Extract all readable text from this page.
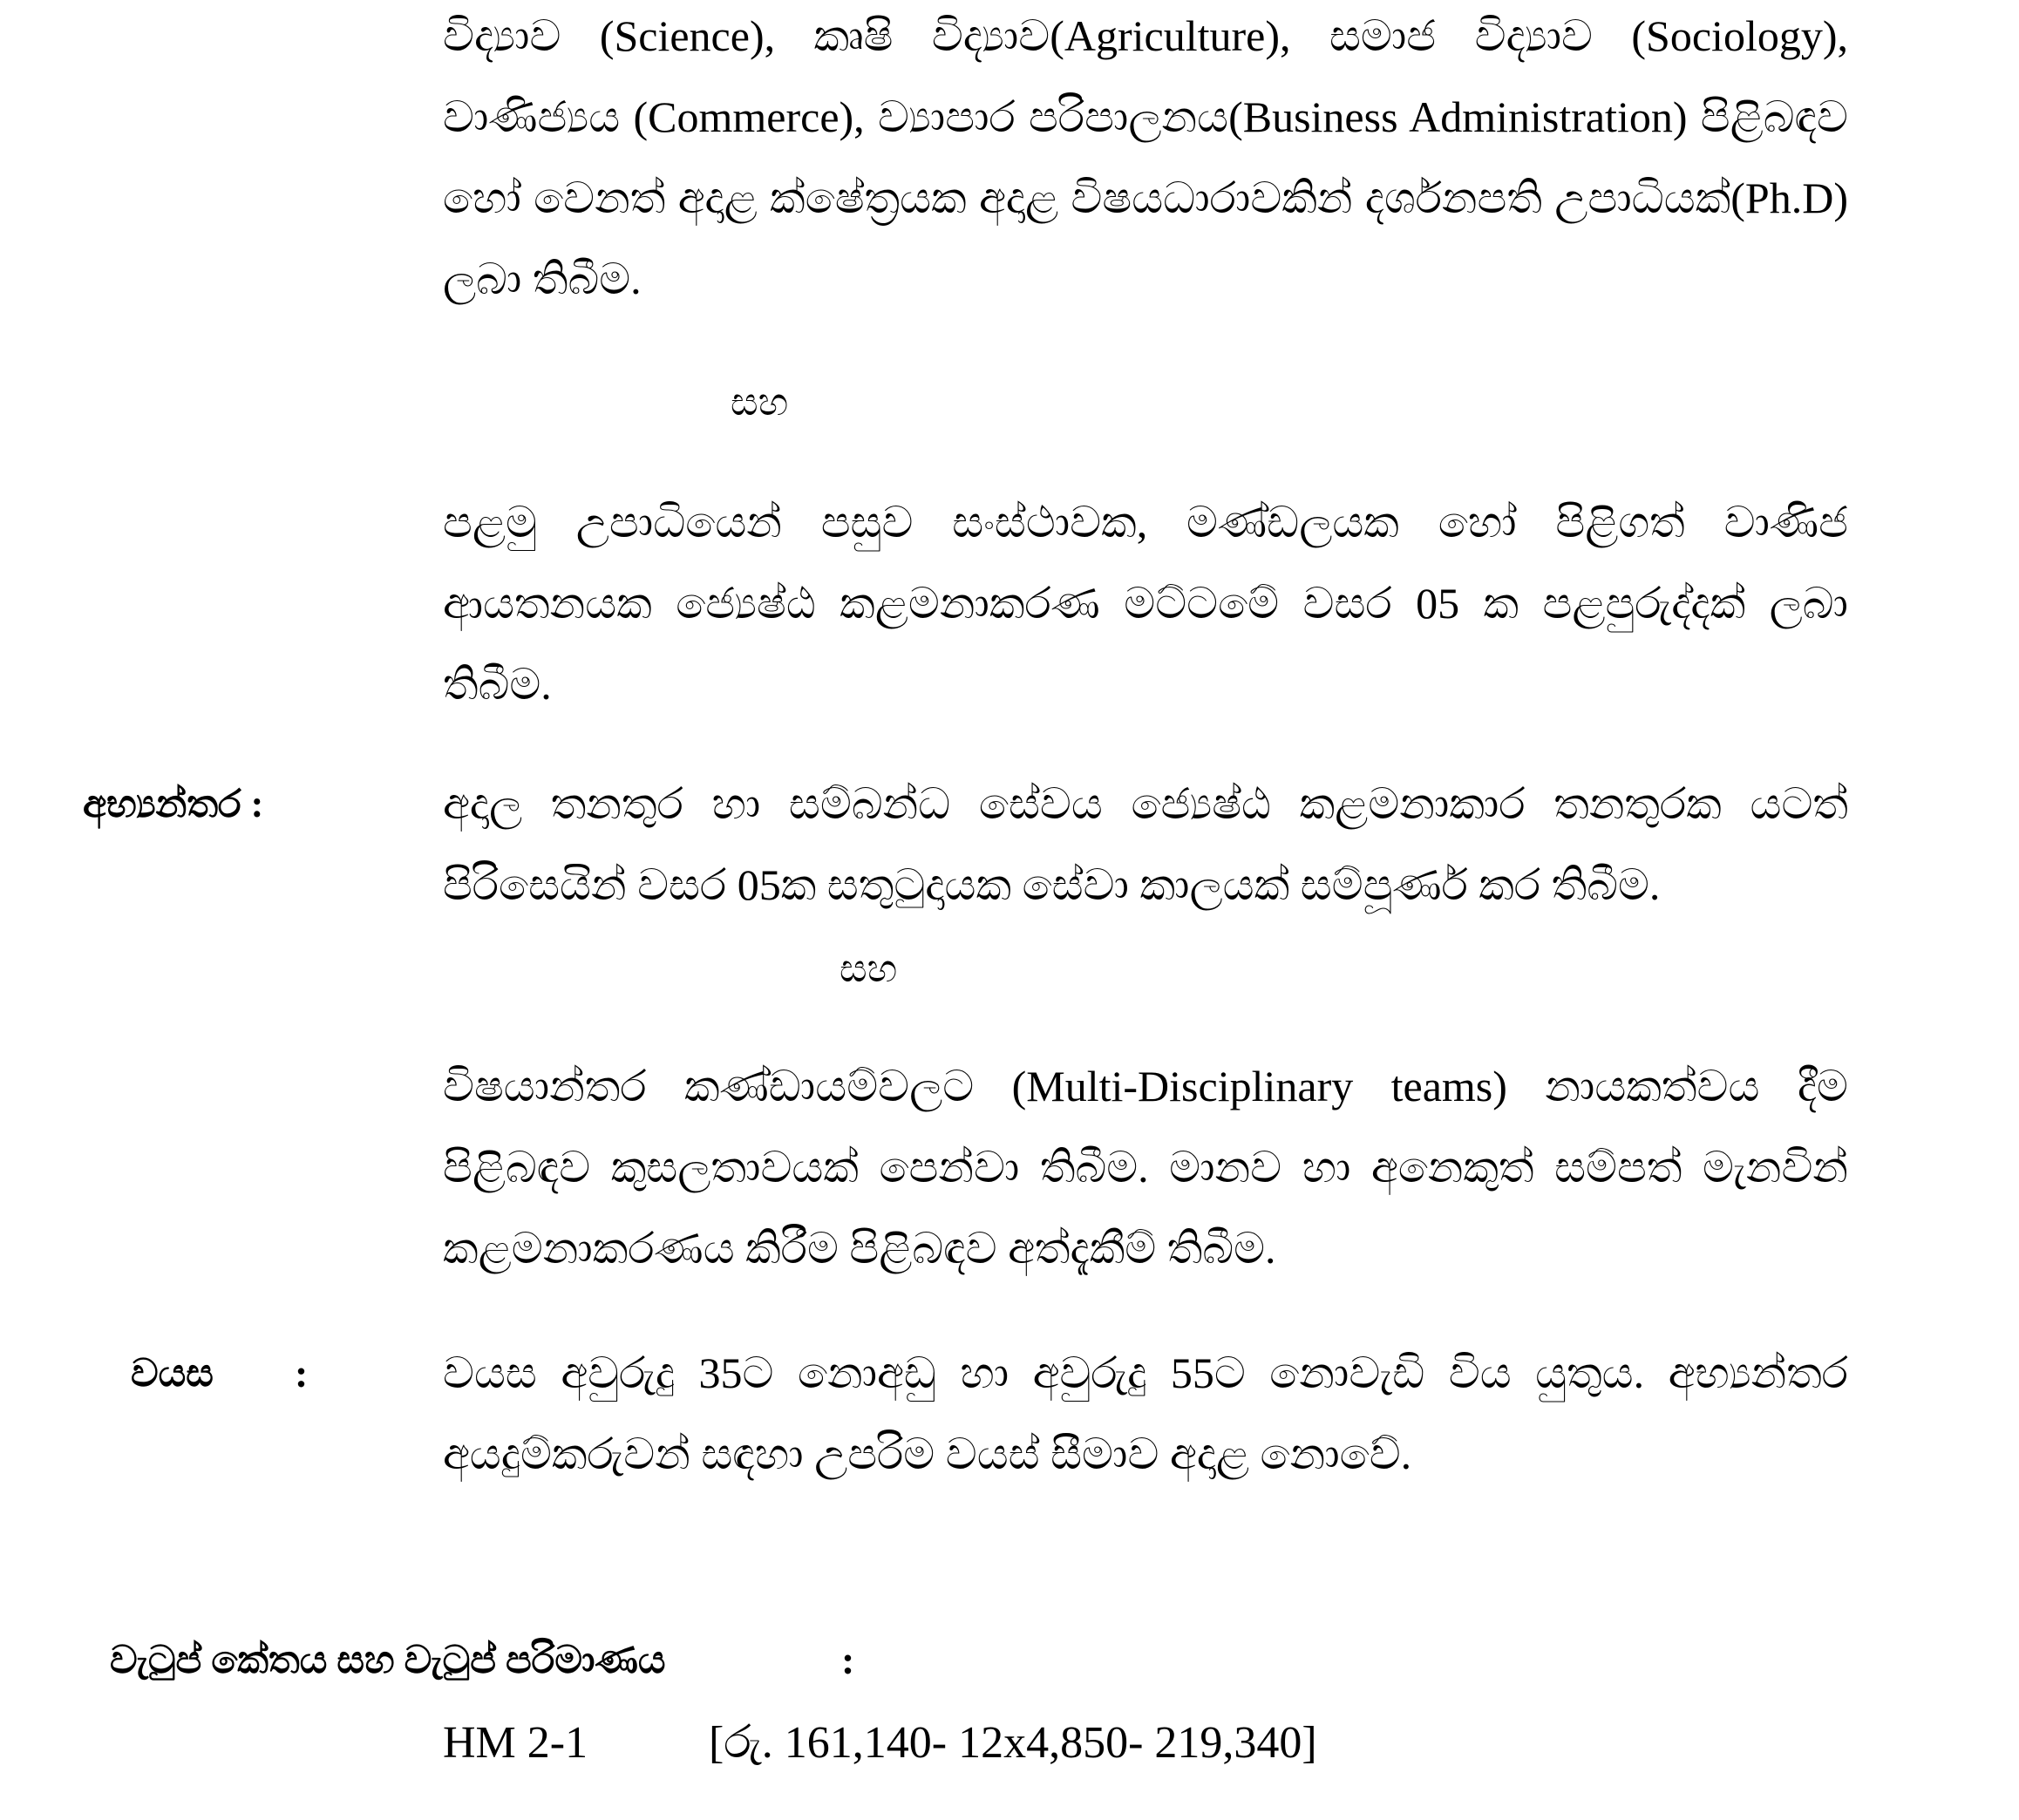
විද්‍යාව (Science), කෘෂි විද්‍යාව(Agriculture), සමාජ විද්‍යාව (Sociology), වාණිජ්‍යය (Commerce), ව්‍යාපාර පරිපාලනය(Business Administration) පිළිබඳව හෝ වෙනත් අදාළ ක්ෂේත්‍රයක අදාළ විෂයධාරාවකින් දර්ශනපති උපාධියක්(Ph.D) ලබා තිබීම.
සහ
පළමු උපාධියෙන් පසුව සංස්ථාවක, මණ්ඩලයක හෝ පිළිගත් වාණිජ ආයතනයක ජ්‍යෙෂ්ඨ කළමනාකරණ මට්ටමේ වසර 05 ක පළපුරුද්දක් ලබා තිබීම.
අභ්‍යන්තර :	අදාල තනතුර හා සම්බන්ධ සේවය ජ්‍යෙෂ්ඨ කළමනාකාර තනතුරක යටත් පිරිසෙයින් වසර 05ක සතුටුදායක සේවා කාලයක් සම්පූර්ණ කර තිබීම.
සහ
විෂයාන්තර කණ්ඩායම්වලට (Multi-Disciplinary teams) නායකත්වය දීම පිළිබඳව කුසලතාවයක් පෙන්වා තිබීම. මානව හා අනෙකුත් සම්පත් මැනවින් කළමනාකරණය කිරීම පිළිබඳව අත්දැකීම් තිබීම.
වයස :	වයස අවුරුදු 35ට නොඅඩු හා අවුරුදු 55ට නොවැඩි විය යුතුය. අභ්‍යන්තර අයදුම්කරුවන් සඳහා උපරිම වයස් සීමාව අදාළ නොවේ.
වැටුප් කේතය සහ වැටුප් පරිමාණය	:
HM 2-1	[රු. 161,140- 12x4,850- 219,340]
